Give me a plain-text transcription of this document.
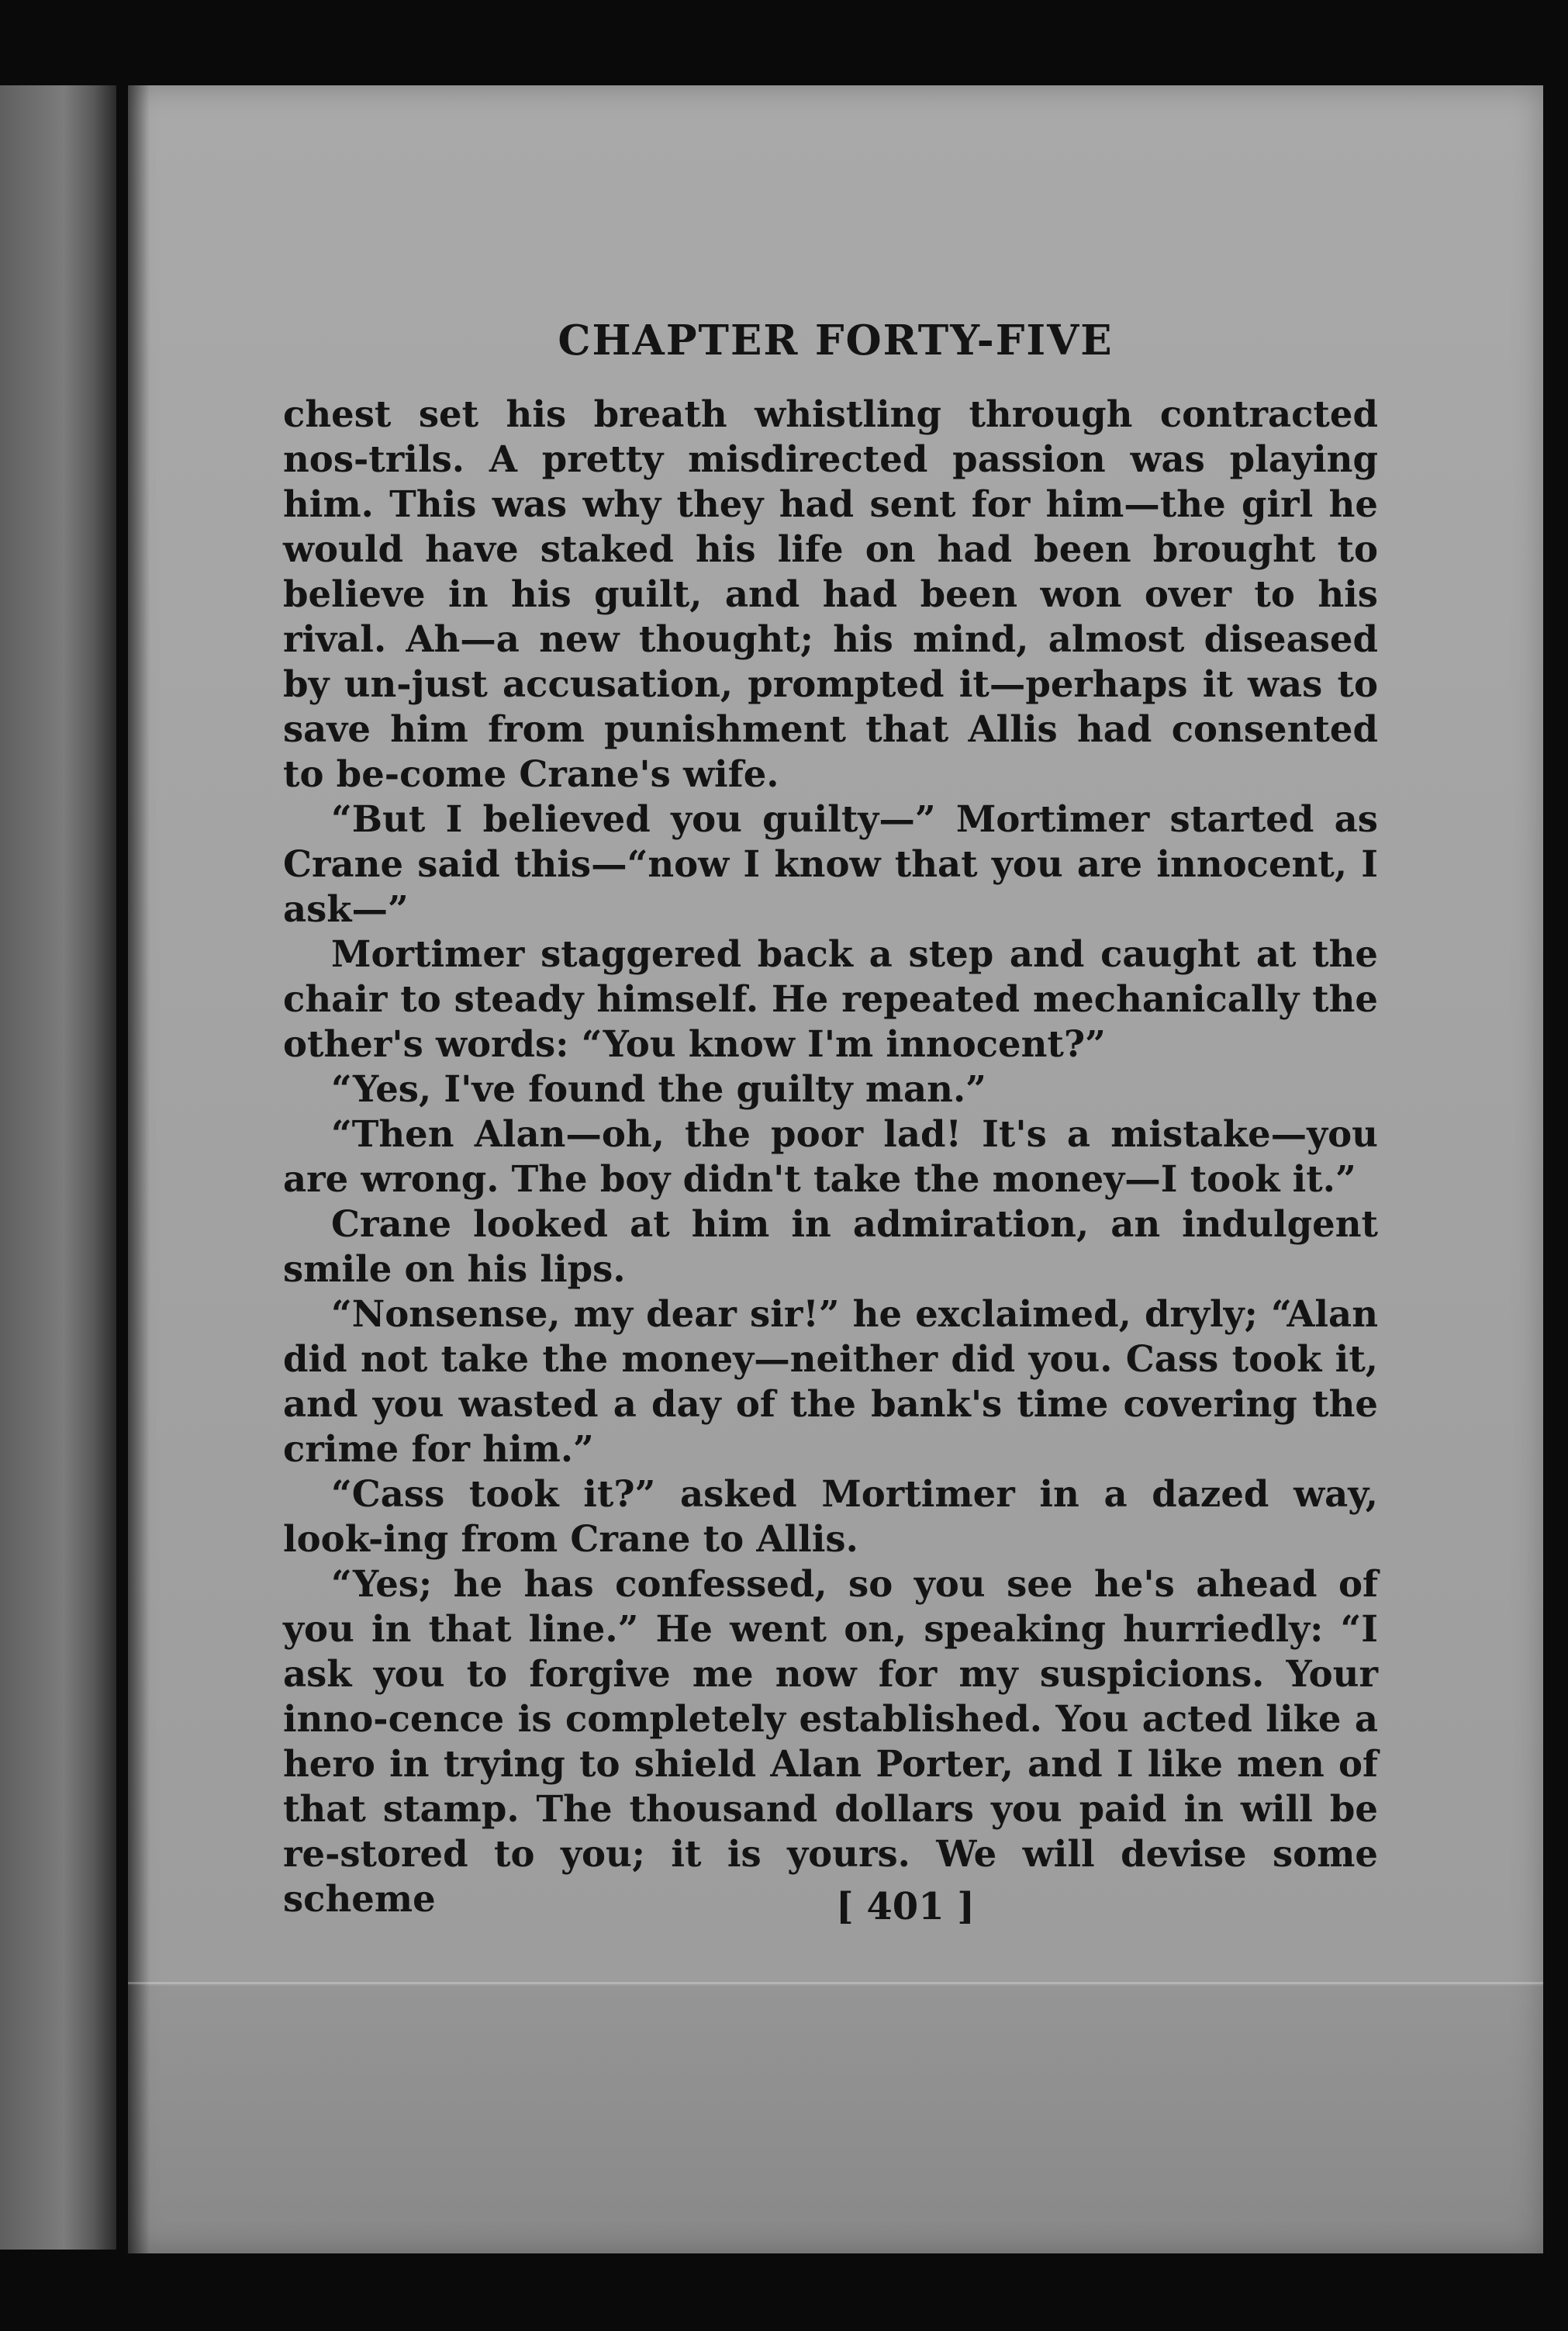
CHAPTER FORTY-FIVE

chest set his breath whistling through contracted nos-trils. A pretty misdirected passion was playing him. This was why they had sent for him—the girl he would have staked his life on had been brought to believe in his guilt, and had been won over to his rival. Ah—a new thought; his mind, almost diseased by un-just accusation, prompted it—perhaps it was to save him from punishment that Allis had consented to be-come Crane's wife.

“But I believed you guilty—” Mortimer started as Crane said this—“now I know that you are innocent, I ask—”

Mortimer staggered back a step and caught at the chair to steady himself. He repeated mechanically the other's words: “You know I'm innocent?”

“Yes, I've found the guilty man.”

“Then Alan—oh, the poor lad! It's a mistake—you are wrong. The boy didn't take the money—I took it.”

Crane looked at him in admiration, an indulgent smile on his lips.

“Nonsense, my dear sir!” he exclaimed, dryly; “Alan did not take the money—neither did you. Cass took it, and you wasted a day of the bank's time covering the crime for him.”

“Cass took it?” asked Mortimer in a dazed way, look-ing from Crane to Allis.

“Yes; he has confessed, so you see he's ahead of you in that line.” He went on, speaking hurriedly: “I ask you to forgive me now for my suspicions. Your inno-cence is completely established. You acted like a hero in trying to shield Alan Porter, and I like men of that stamp. The thousand dollars you paid in will be re-stored to you; it is yours. We will devise some scheme	[ 401 ]
